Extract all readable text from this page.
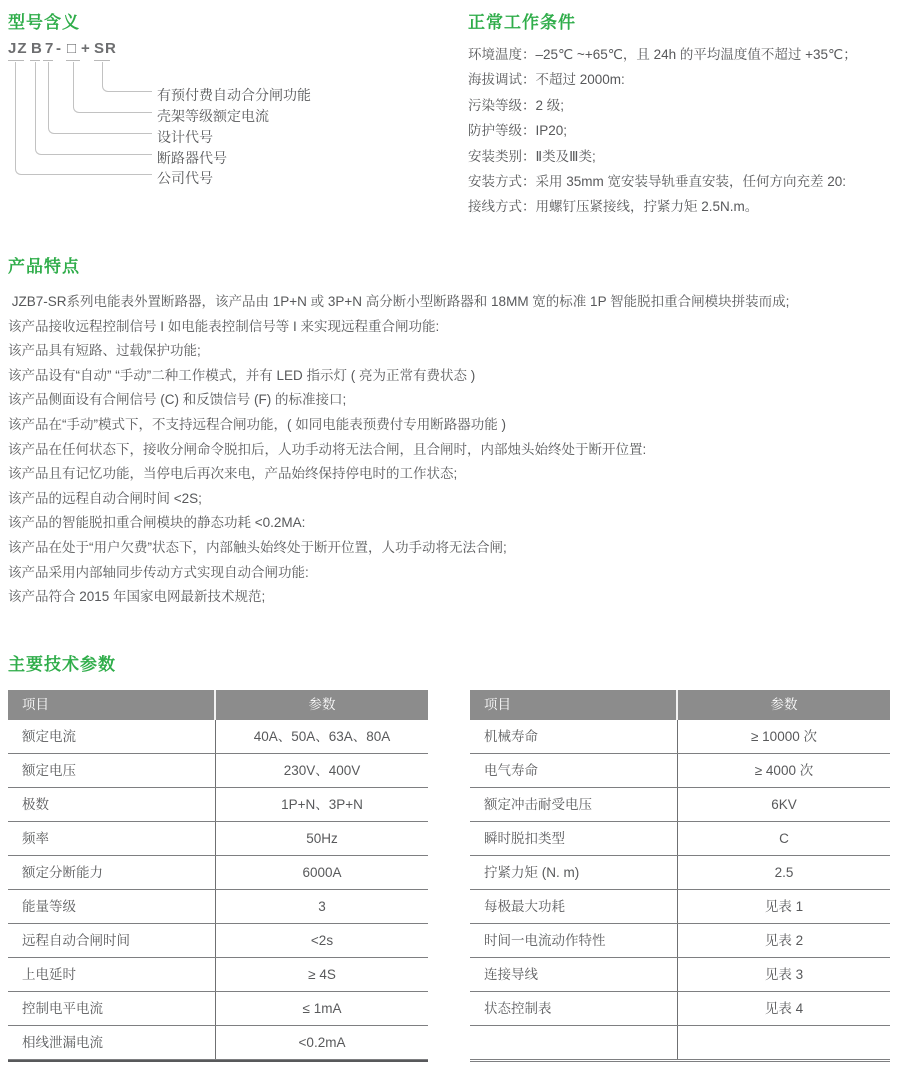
型号含义
JZ B 7 - □ + SR
有预付费自动合分闸功能
壳架等级额定电流
设计代号
断路器代号
公司代号
正常工作条件
环境温度：–25℃ ~+65℃，且 24h 的平均温度值不超过 +35℃；
海拔调试：不超过 2000m:
污染等级：2 级;
防护等级：IP20;
安装类别：Ⅱ类及Ⅲ类;
安装方式：采用 35mm 宽安装导轨垂直安装，任何方向充差 20:
接线方式：用螺钉压紧接线，拧紧力矩 2.5N.m。
产品特点
JZB7-SR系列电能表外置断路器，该产品由 1P+N 或 3P+N 高分断小型断路器和 18MM 宽的标准 1P 智能脱扣重合闸模块拼装而成;
该产品接收远程控制信号 I 如电能表控制信号等 I 来实现远程重合闸功能:
该产品具有短路、过载保护功能;
该产品设有“自动” “手动”二种工作模式，并有 LED 指示灯 ( 亮为正常有费状态 )
该产品侧面设有合闸信号 (C) 和反馈信号 (F) 的标准接口;
该产品在“手动”模式下，不支持远程合闸功能，( 如同电能表预费付专用断路器功能 )
该产品在任何状态下，接收分闸命令脱扣后，人功手动将无法合闸，且合闸时，内部烛头始终处于断开位置:
该产品且有记忆功能，当停电后再次来电，产品始终保持停电时的工作状态;
该产品的远程自动合闸时间 <2S;
该产品的智能脱扣重合闸模块的静态功耗 <0.2MA:
该产品在处于“用户欠费”状态下，内部触头始终处于断开位置，人功手动将无法合闸;
该产品采用内部轴同步传动方式实现自动合闸功能:
该产品符合 2015 年国家电网最新技术规范;
主要技术参数
项目	参数
额定电流	40A、50A、63A、80A
额定电压	230V、400V
极数	1P+N、3P+N
频率	50Hz
额定分断能力	6000A
能量等级	3
远程自动合闸时间	<2s
上电延时	≥ 4S
控制电平电流	≤ 1mA
相线泄漏电流	<0.2mA
项目	参数
机械寿命	≥ 10000 次
电气寿命	≥ 4000 次
额定冲击耐受电压	6KV
瞬时脱扣类型	C
拧紧力矩 (N. m)	2.5
每极最大功耗	见表 1
时间一电流动作特性	见表 2
连接导线	见表 3
状态控制表	见表 4
